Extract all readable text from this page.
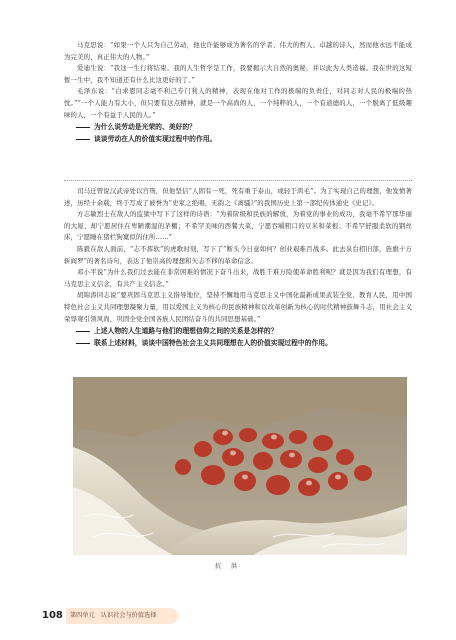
马克思说：“如果一个人只为自己劳动，他也许能够成为著名的学者、伟大的哲人、卓越的诗人，然而他永远不能成为完美的、真正伟大的人物。”

爱迪生说：“我这一生行将结束。我的人生哲学是工作，我要揭示大自然的奥秘，并以此为人类造福。我在世的这短暂一生中，我不知道还有什么比这更好的了。”

毛泽东说：“白求恩同志毫不利己专门利人的精神，表现在他对工作的极端的负责任，对同志对人民的极端的热忱。”“一个人能力有大小，但只要有这点精神，就是一个高尚的人，一个纯粹的人，一个有道德的人，一个脱离了低级趣味的人，一个有益于人民的人。”

为什么说劳动是光荣的、美好的？
谈谈劳动在人的价值实现过程中的作用。

司马迁曾说汉武帝处以宫刑，但他坚信“人固有一死，死有重于泰山，或轻于鸿毛”。为了实现自己的理想，他发愤著述，历经十余载，终于写成了被誉为“史家之绝唱，无韵之《离骚》”的我国历史上第一部纪传体通史《史记》。

方志敏烈士在敌人的监狱中写下了这样的诗语：“为着阶级和民族的解放，为着党的事业的成功，我毫不希罕那华丽的大厦，却宁愿居住在卑陋潮湿的茅棚；不希罕美味的西餐大菜，宁愿吞嚼粗口的豆米和菜根；不希罕舒服柔软的钢丝床，宁愿睡在猪栏狗窠似的住所……”

陈毅在敌人面前，“志不挥软”的虎歌时刻，写下了“断头今日意如何？创业艰难百战多。此去泉台招旧部，旌旗十万斩阎罗”的著名诗句，表达了他崇高的理想和矢志不移的革命信念。

邓小平说“为什么我们过去能在非常困难的情况下奋斗出来，战胜千难万险使革命胜利呢？就是因为我们有理想，有马克思主义信念，有共产主义信念。”

胡锦涛同志说“要巩固马克思主义指导地位，坚持不懈地用马克思主义中国化最新成果武装全党、教育人民，用中国特色社会主义共同理想凝聚力量，用以爱国主义为核心的民族精神和以改革创新为核心的时代精神鼓舞斗志，用社会主义荣辱观引领风尚，巩固全党全国各族人民团结奋斗的共同思想基础。”

上述人物的人生道路与他们的理想信仰之间的关系是怎样的？
联系上述材料，谈谈中国特色社会主义共同理想在人的价值实现过程中的作用。
抗 洪
108 第四单元 认识社会与价值选择
